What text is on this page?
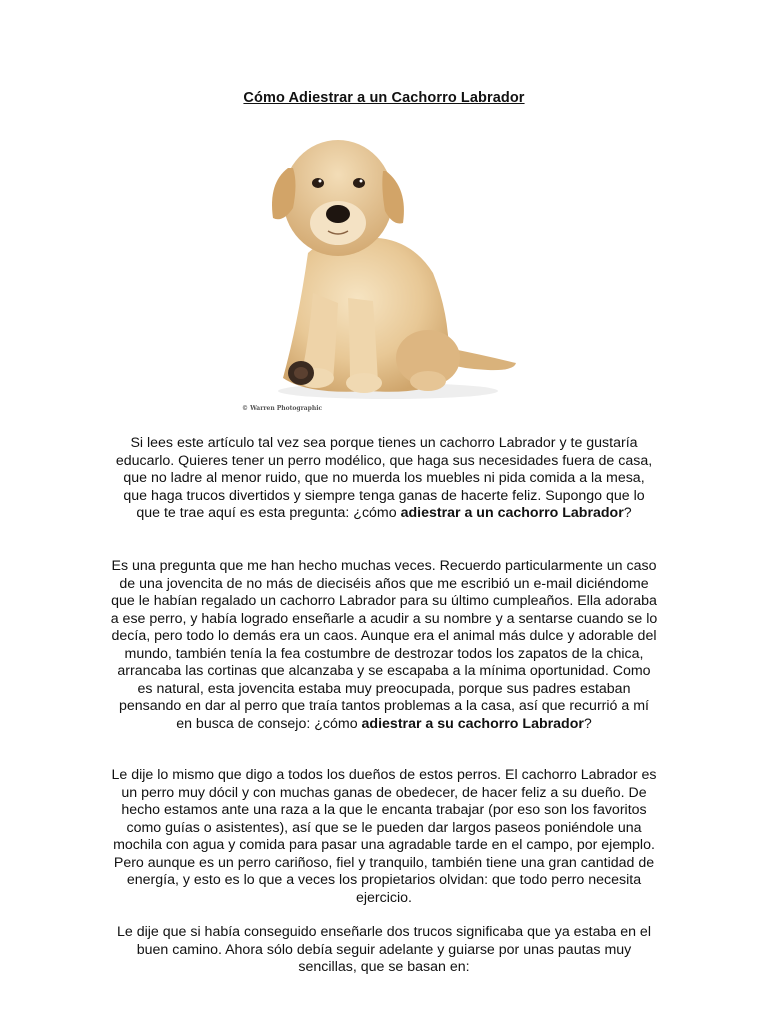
Cómo Adiestrar a un Cachorro Labrador
© Warren Photographic
Si lees este artículo tal vez sea porque tienes un cachorro Labrador y te gustaría educarlo. Quieres tener un perro modélico, que haga sus necesidades fuera de casa, que no ladre al menor ruido, que no muerda los muebles ni pida comida a la mesa, que haga trucos divertidos y siempre tenga ganas de hacerte feliz. Supongo que lo que te trae aquí es esta pregunta: ¿cómo adiestrar a un cachorro Labrador?
Es una pregunta que me han hecho muchas veces. Recuerdo particularmente un caso de una jovencita de no más de dieciséis años que me escribió un e-mail diciéndome que le habían regalado un cachorro Labrador para su último cumpleaños. Ella adoraba a ese perro, y había logrado enseñarle a acudir a su nombre y a sentarse cuando se lo decía, pero todo lo demás era un caos. Aunque era el animal más dulce y adorable del mundo, también tenía la fea costumbre de destrozar todos los zapatos de la chica, arrancaba las cortinas que alcanzaba y se escapaba a la mínima oportunidad. Como es natural, esta jovencita estaba muy preocupada, porque sus padres estaban pensando en dar al perro que traía tantos problemas a la casa, así que recurrió a mí en busca de consejo: ¿cómo adiestrar a su cachorro Labrador?
Le dije lo mismo que digo a todos los dueños de estos perros. El cachorro Labrador es un perro muy dócil y con muchas ganas de obedecer, de hacer feliz a su dueño. De hecho estamos ante una raza a la que le encanta trabajar (por eso son los favoritos como guías o asistentes), así que se le pueden dar largos paseos poniéndole una mochila con agua y comida para pasar una agradable tarde en el campo, por ejemplo. Pero aunque es un perro cariñoso, fiel y tranquilo, también tiene una gran cantidad de energía, y esto es lo que a veces los propietarios olvidan: que todo perro necesita ejercicio.
Le dije que si había conseguido enseñarle dos trucos significaba que ya estaba en el buen camino. Ahora sólo debía seguir adelante y guiarse por unas pautas muy sencillas, que se basan en:
